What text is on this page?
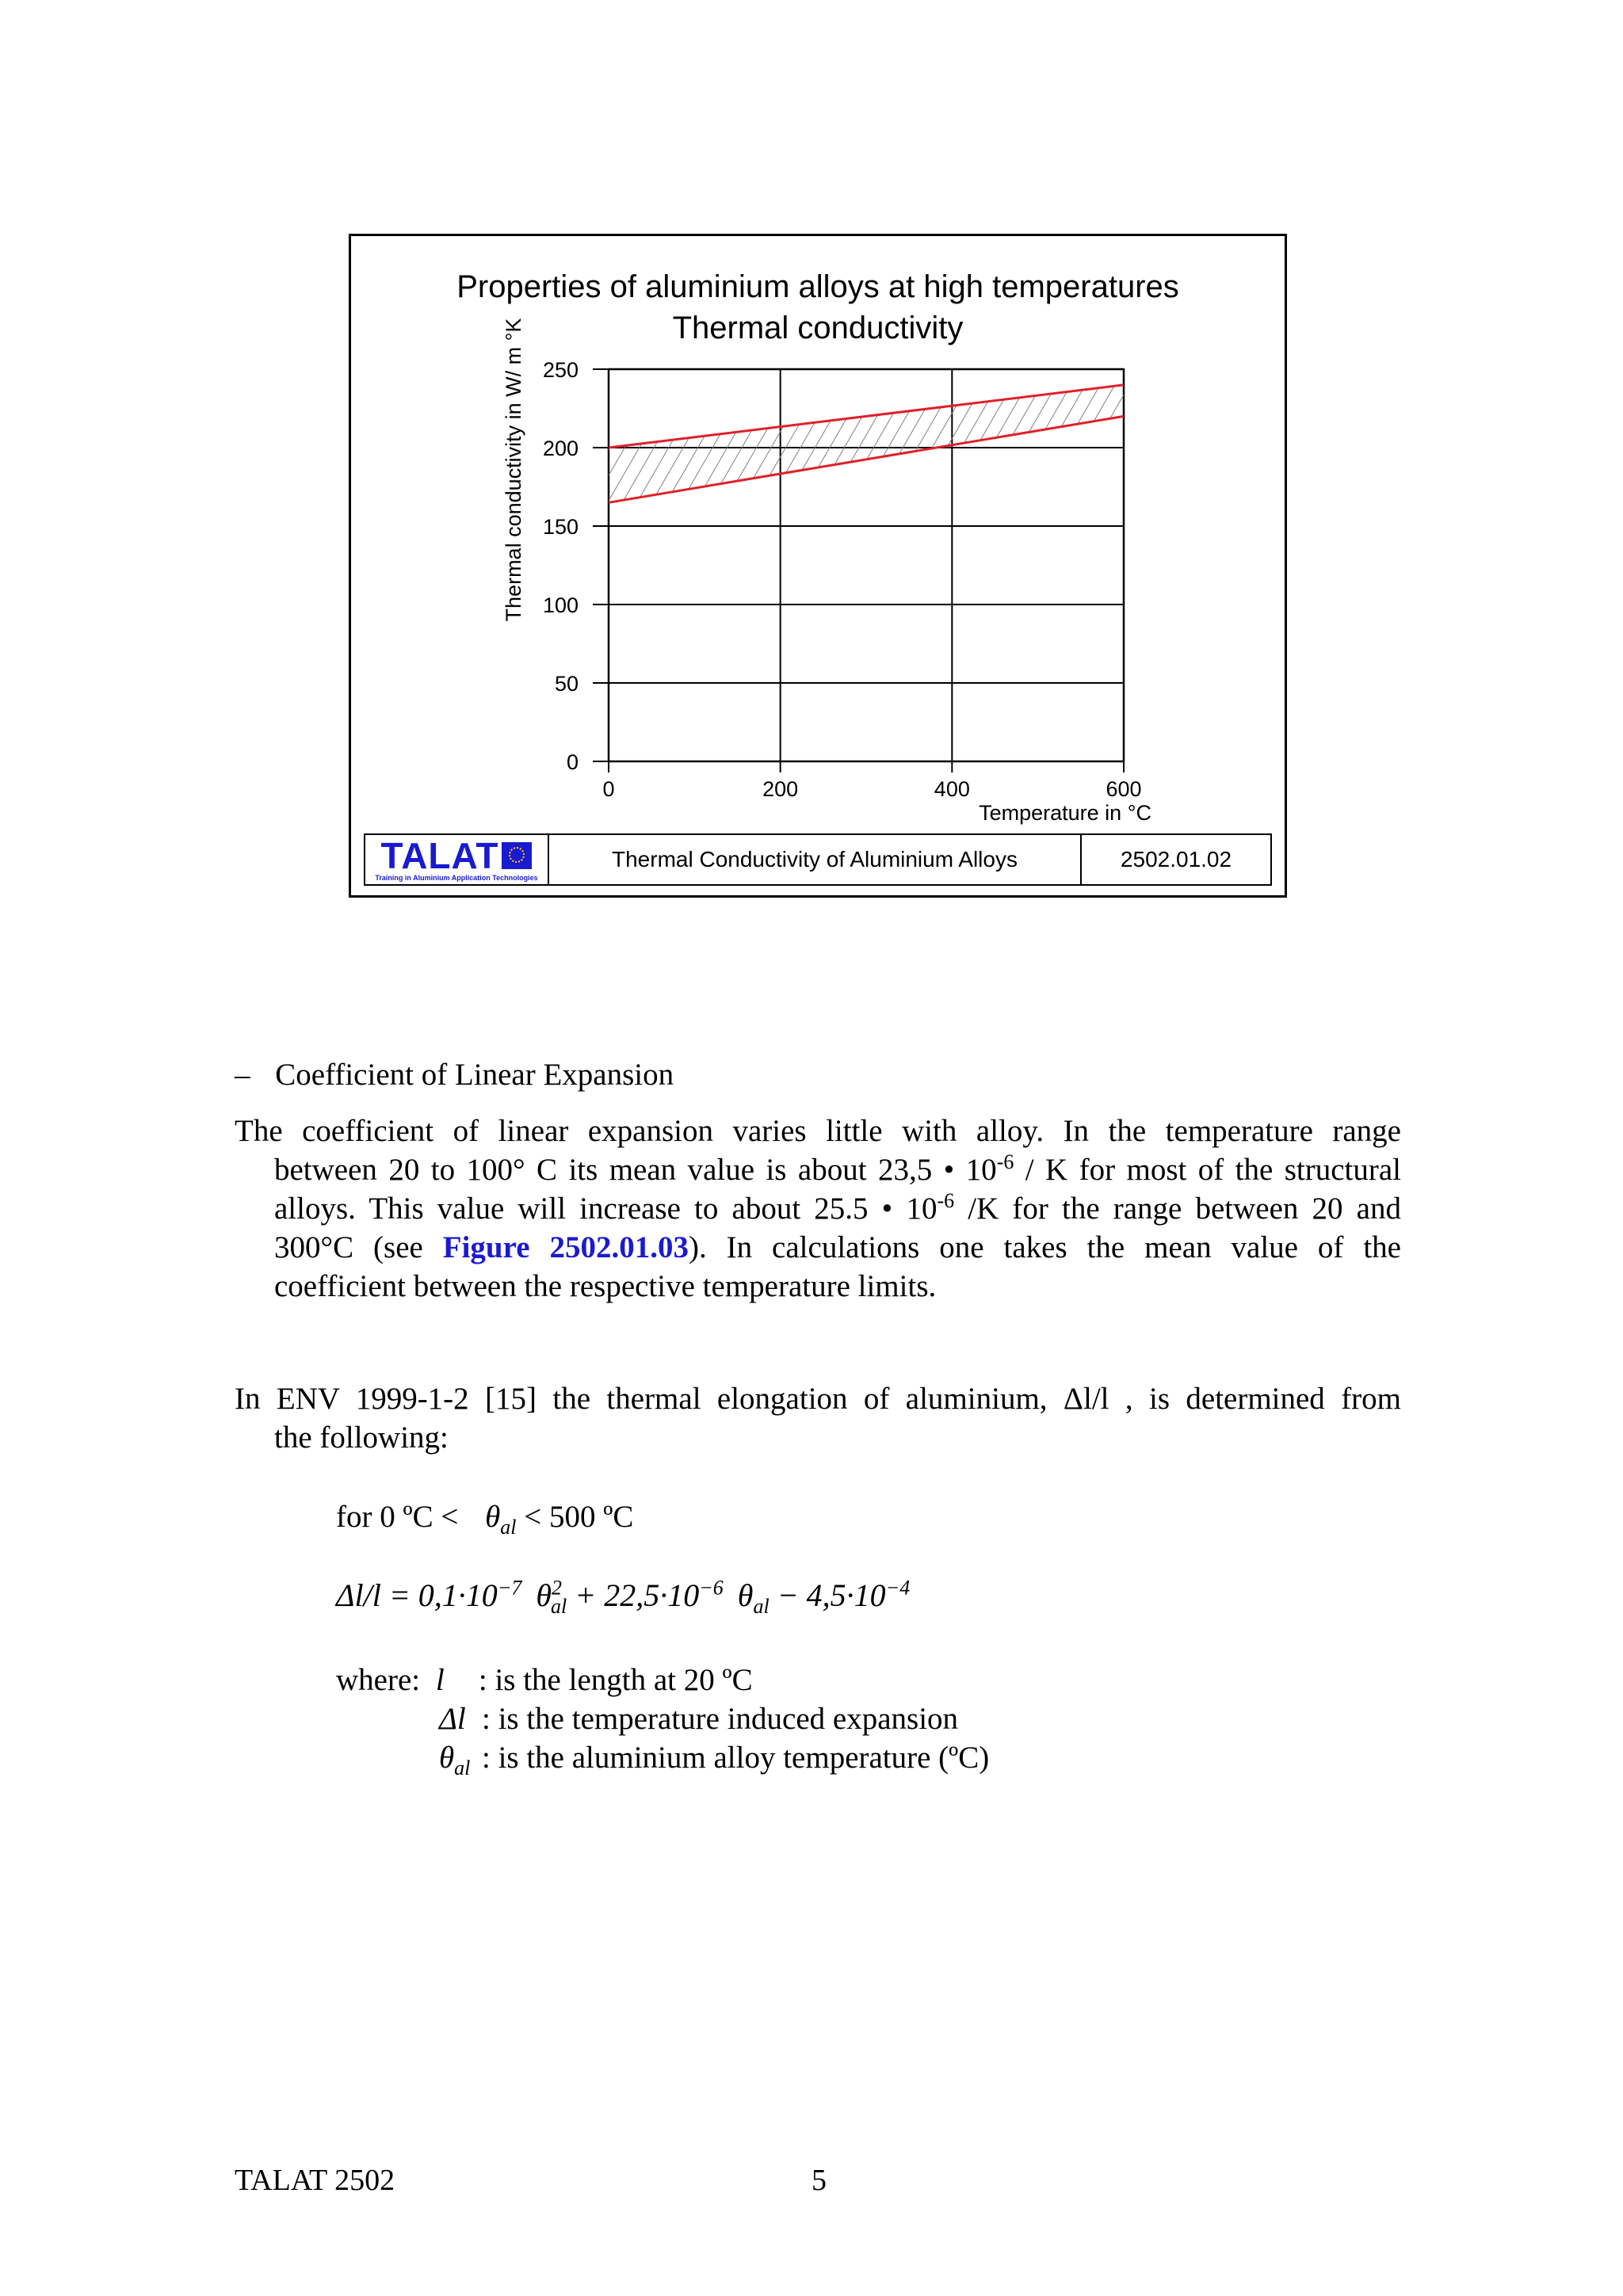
Properties of aluminium alloys at high temperatures
Thermal conductivity
0
50
100
150
200
250
0	200	400	600
Thermal conductivity in W/ m °K
Temperature in °C
TALAT
Training in Aluminium Application Technologies
Thermal Conductivity of Aluminium Alloys	2502.01.02
– Coefficient of Linear Expansion
The coefficient of linear expansion varies little with alloy. In the temperature range
between 20 to 100° C its mean value is about 23,5 • $10^{-6}$ / K for most of the structural
alloys. This value will increase to about 25.5 • $10^{-6}$ /K for the range between 20 and
300°C (see Figure 2502.01.03). In calculations one takes the mean value of the
coefficient between the respective temperature limits.
In ENV 1999-1-2 [15] the thermal elongation of aluminium, Δl/l , is determined from
the following:
for 0 ºC < $\theta_{al} < 500$ ºC
$\Delta l/l = 0,1\cdot 10^{-7}$ $\theta^2_{al} + 22,5\cdot 10^{-6}$ $\theta_{al} - 4,5\cdot 10^{-4}$
where: l : is the length at 20 ºC
Δl : is the temperature induced expansion
$\theta_{al}$ : is the aluminium alloy temperature (ºC)
TALAT 2502	5
